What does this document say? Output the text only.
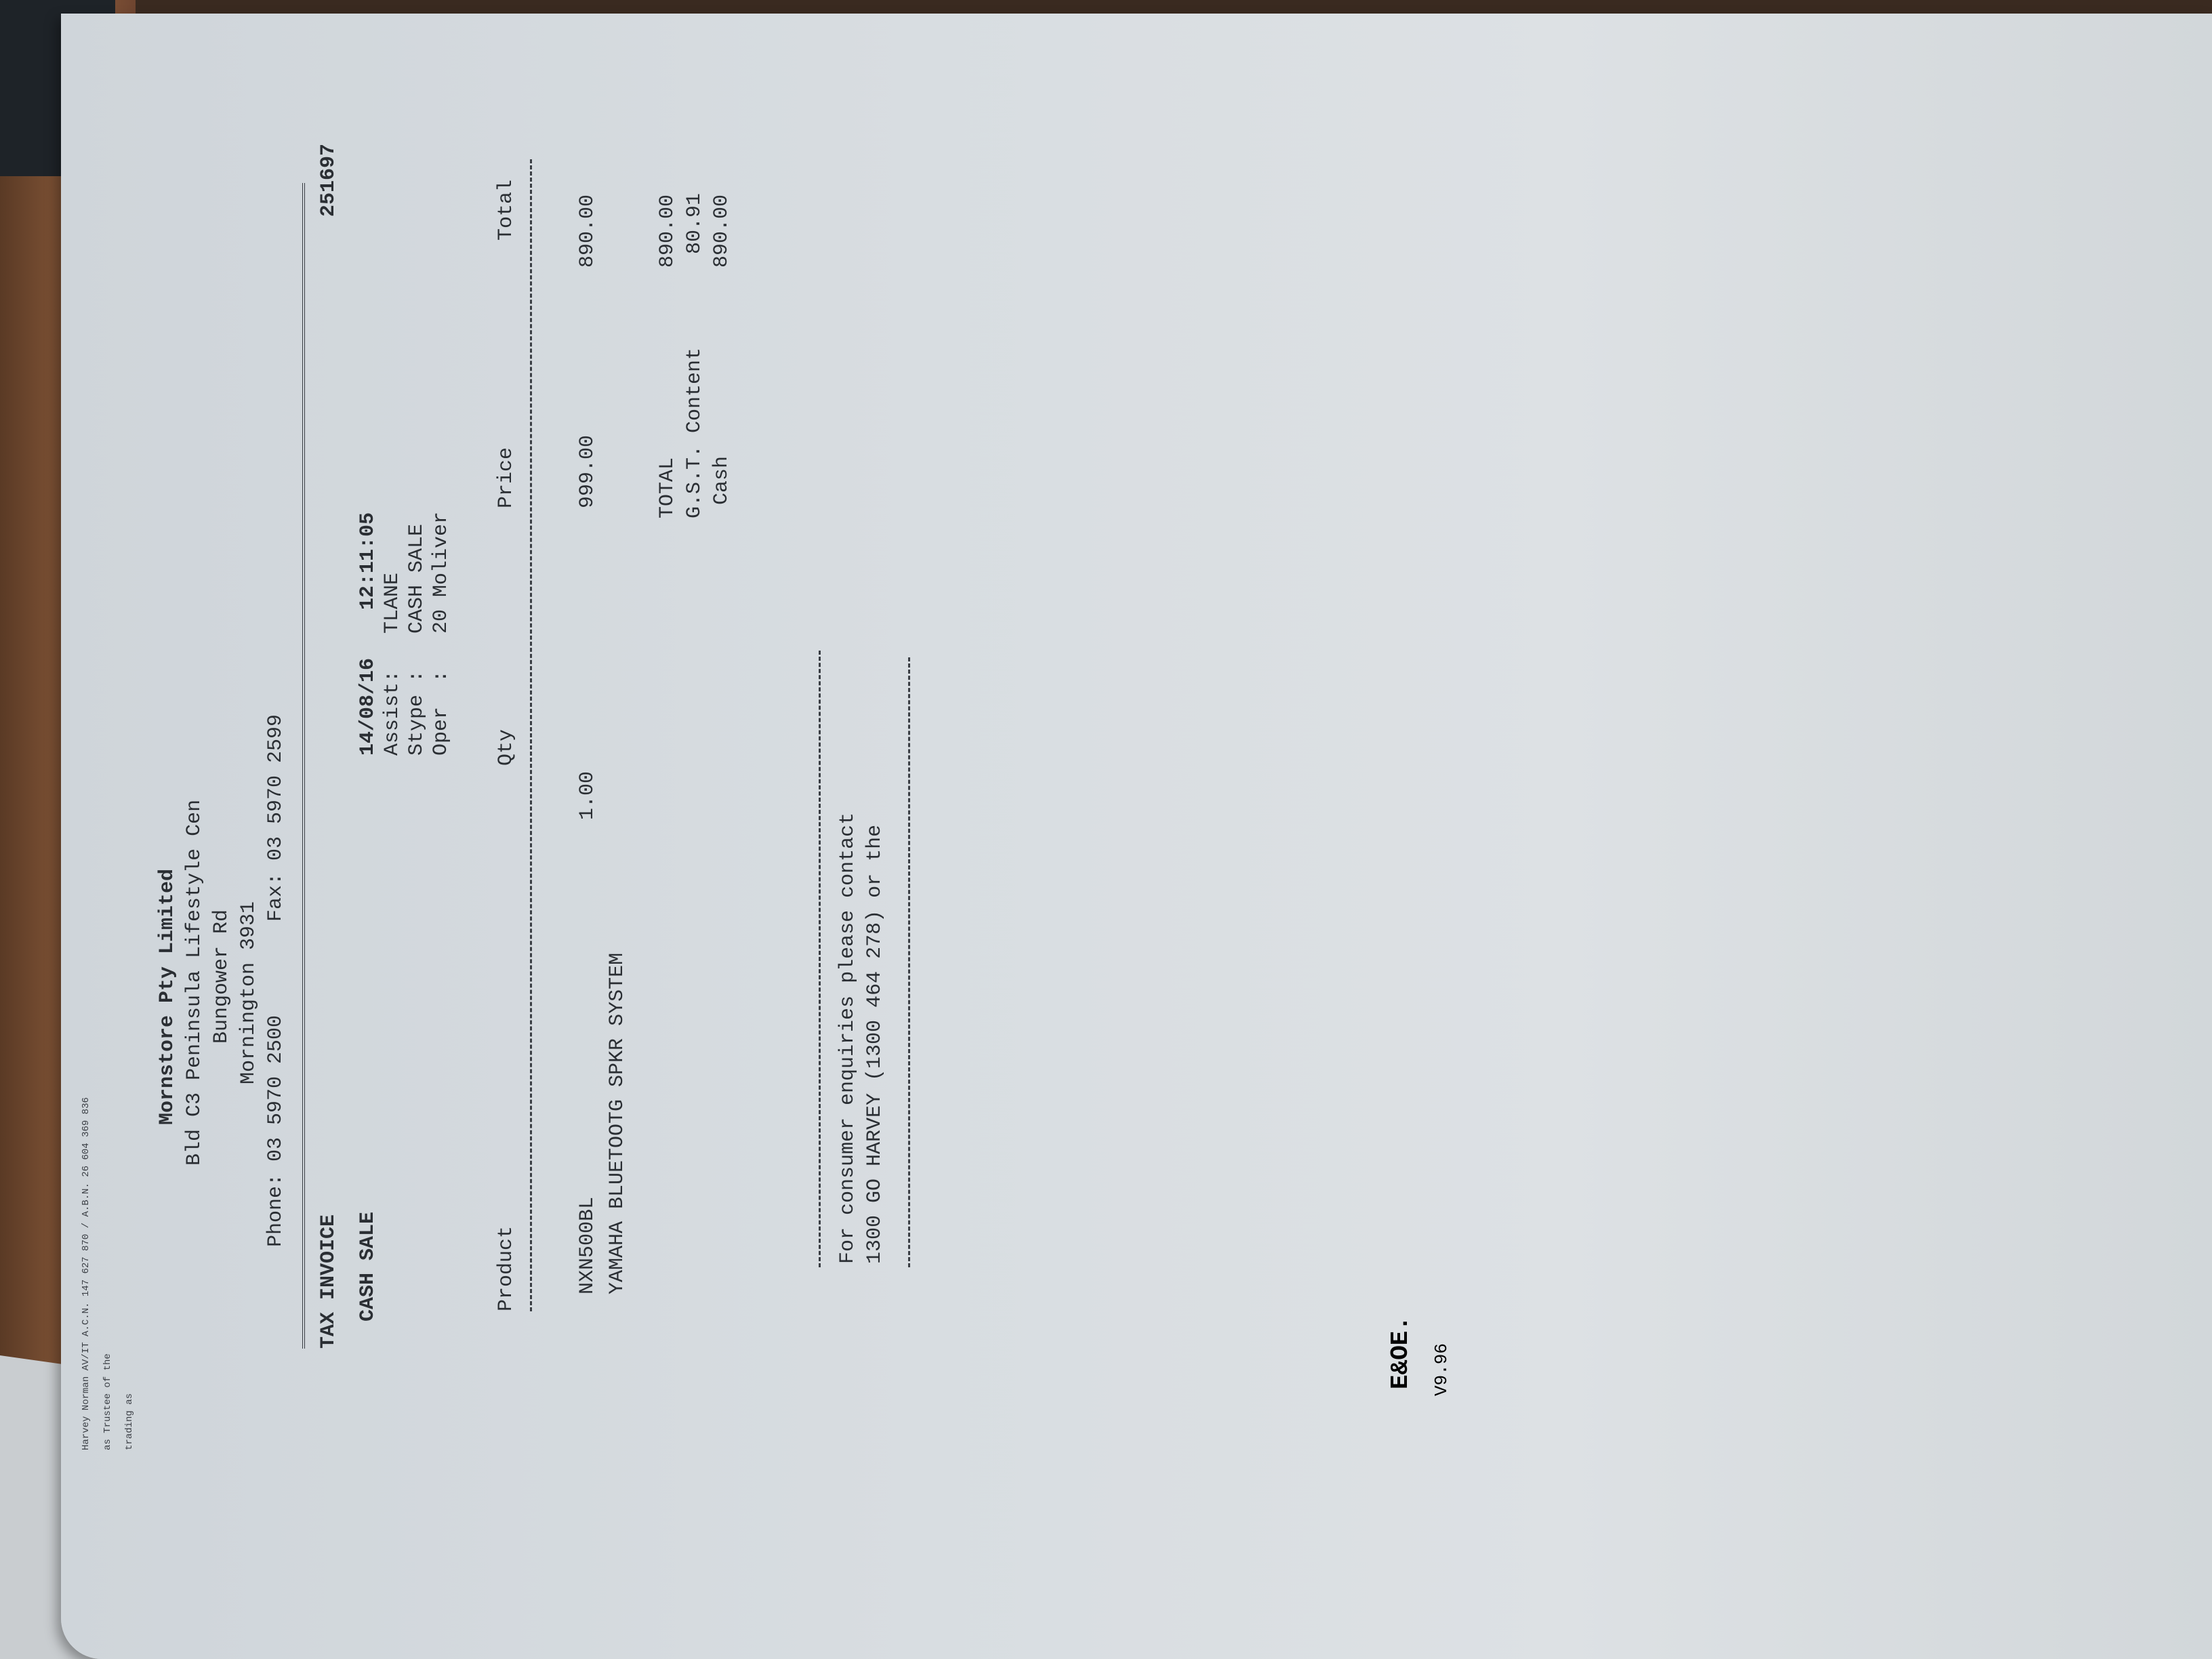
Harvey Norman AV/IT A.C.N. 147 627 870 / A.B.N. 26 604 369 836 as Trustee of the trading as
Mornstore Pty Limited Bld C3 Peninsula Lifestyle Cen Bungower Rd Mornington 3931
Phone: 03 5970 2500
Fax: 03 5970 2599
TAX INVOICE
251697
CASH SALE
14/08/16
12:11:05
Assist:
TLANE
Stype :
CASH SALE
Oper  :
20 Moliver
Product
Qty
Price
Total
NXN500BL
1.00
999.00
890.00
YAMAHA BLUETOOTG SPKR SYSTEM
TOTAL
890.00
G.S.T. Content
80.91
Cash
890.00
For consumer enquiries please contact 1300 GO HARVEY (1300 464 278) or the
E&OE. V9.96
